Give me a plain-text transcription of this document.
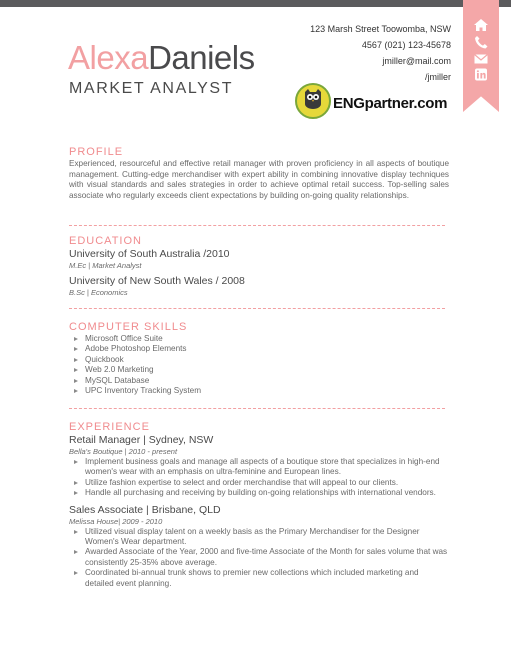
AlexaDaniels
MARKET ANALYST
123 Marsh Street Toowomba, NSW
4567 (021) 123-45678
jmiller@mail.com
/jmiller
ENGpartner.com
PROFILE
Experienced, resourceful and effective retail manager with proven proficiency in all aspects of boutique management. Cutting-edge merchandiser with expert ability in combining innovative display techniques with visual standards and sales strategies in order to achieve optimal retail success. Top-selling sales associate who regularly exceeds client expectations by building on-going quality relationships.
EDUCATION
University of South Australia /2010
M.Ec | Market Analyst
University of New South Wales / 2008
B.Sc | Economics
COMPUTER SKILLS
Microsoft Office Suite
Adobe Photoshop Elements
Quickbook
Web 2.0 Marketing
MySQL Database
UPC Inventory Tracking System
EXPERIENCE
Retail Manager | Sydney, NSW
Bella's Boutique | 2010 - present
Implement business goals and manage all aspects of a boutique store that specializes in high-end women's wear with an emphasis on ultra-feminine and European lines.
Utilize fashion expertise to select and order merchandise that will appeal to our clients.
Handle all purchasing and receiving by building on-going relationships with international vendors.
Sales Associate | Brisbane, QLD
Melissa House| 2009 - 2010
Utilized visual display talent on a weekly basis as the Primary Merchandiser for the Designer Women's Wear department.
Awarded Associate of the Year, 2000 and five-time Associate of the Month for sales volume that was consistently 25-35% above average.
Coordinated bi-annual trunk shows to premier new collections which included marketing and detailed event planning.
